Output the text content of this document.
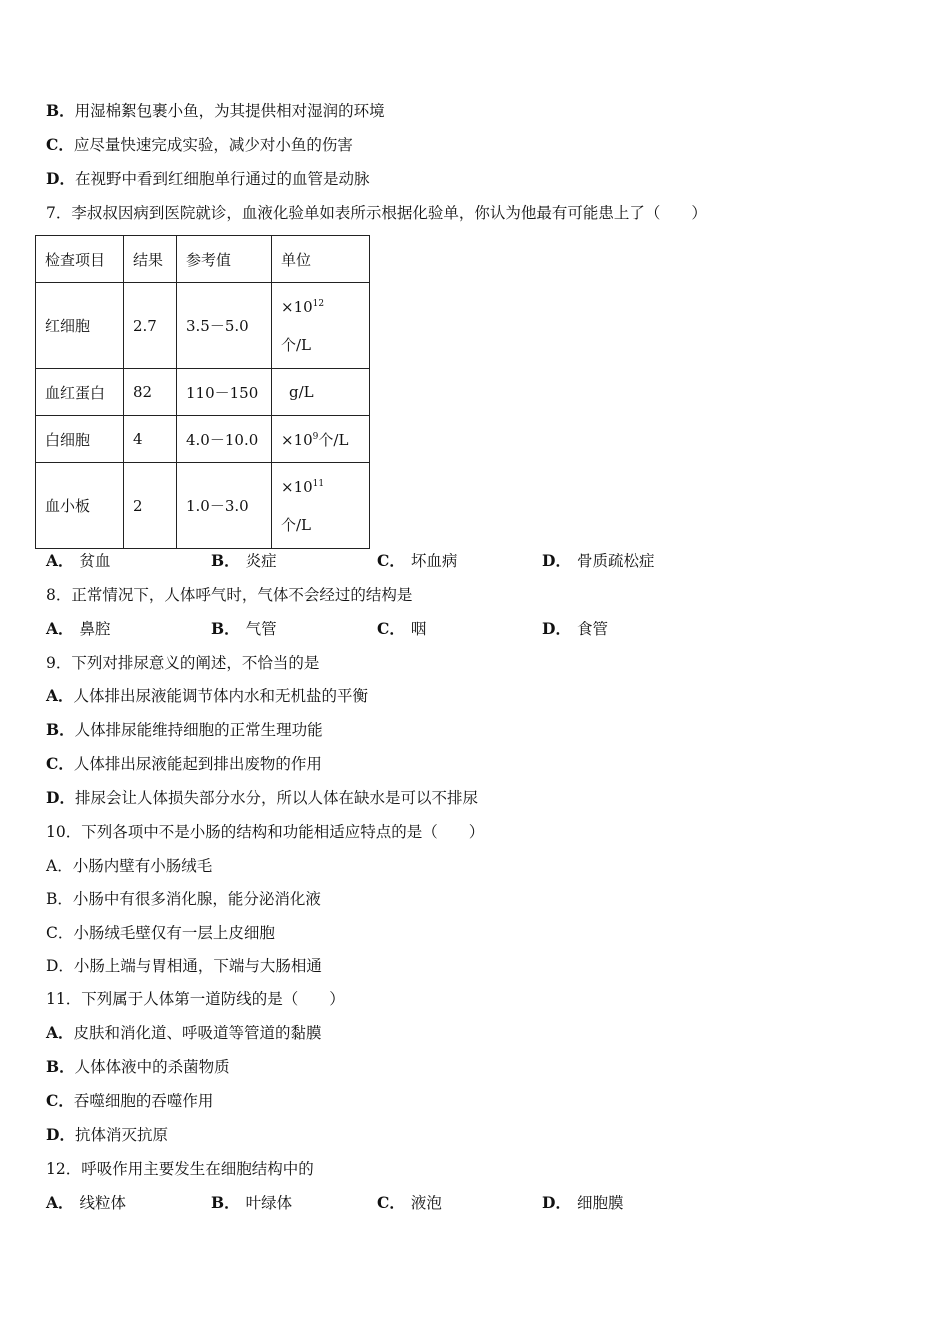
B．用湿棉絮包裹小鱼，为其提供相对湿润的环境
C．应尽量快速完成实验，减少对小鱼的伤害
D．在视野中看到红细胞单行通过的血管是动脉
7．李叔叔因病到医院就诊，血液化验单如表所示根据化验单，你认为他最有可能患上了（　　）
检查项目	结果	参考值	单位
红细胞	2.7	3.5－5.0	$\times 10^{12}$
个/L
血红蛋白	82	110－150	g/L
白细胞	4	4.0－10.0	$\times 10^9$个/L
血小板	2	1.0－3.0	$\times 10^{11}$
个/L
A． 贫血	B． 炎症	C． 坏血病	D． 骨质疏松症
8．正常情况下，人体呼气时，气体不会经过的结构是
A． 鼻腔	B． 气管	C． 咽	D． 食管
9．下列对排尿意义的阐述，不恰当的是
A．人体排出尿液能调节体内水和无机盐的平衡
B．人体排尿能维持细胞的正常生理功能
C．人体排出尿液能起到排出废物的作用
D．排尿会让人体损失部分水分，所以人体在缺水是可以不排尿
10．下列各项中不是小肠的结构和功能相适应特点的是（　　）
A．小肠内壁有小肠绒毛
B．小肠中有很多消化腺，能分泌消化液
C．小肠绒毛壁仅有一层上皮细胞
D．小肠上端与胃相通，下端与大肠相通
11．下列属于人体第一道防线的是（　　）
A．皮肤和消化道、呼吸道等管道的黏膜
B．人体体液中的杀菌物质
C．吞噬细胞的吞噬作用
D．抗体消灭抗原
12．呼吸作用主要发生在细胞结构中的
A． 线粒体	B． 叶绿体	C． 液泡	D． 细胞膜
